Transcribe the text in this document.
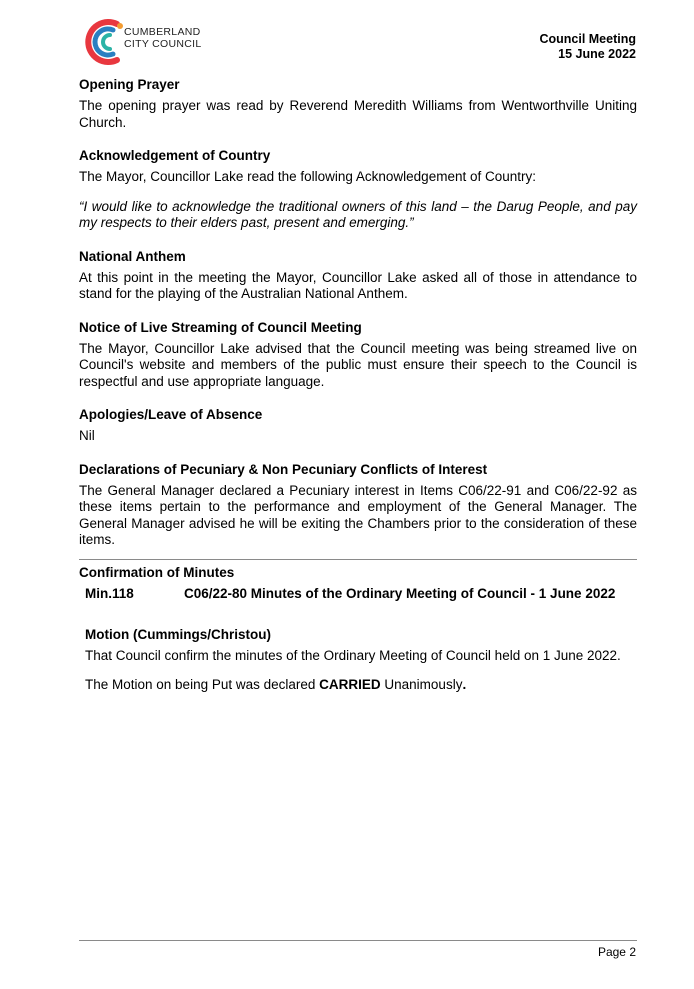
CUMBERLAND
CITY COUNCIL	Council Meeting
15 June 2022

Opening Prayer

The opening prayer was read by Reverend Meredith Williams from Wentworthville Uniting Church.

Acknowledgement of Country

The Mayor, Councillor Lake read the following Acknowledgement of Country:

“I would like to acknowledge the traditional owners of this land – the Darug People, and pay my respects to their elders past, present and emerging.”

National Anthem

At this point in the meeting the Mayor, Councillor Lake asked all of those in attendance to stand for the playing of the Australian National Anthem.

Notice of Live Streaming of Council Meeting

The Mayor, Councillor Lake advised that the Council meeting was being streamed live on Council's website and members of the public must ensure their speech to the Council is respectful and use appropriate language.

Apologies/Leave of Absence

Nil

Declarations of Pecuniary & Non Pecuniary Conflicts of Interest

The General Manager declared a Pecuniary interest in Items C06/22-91 and C06/22-92 as these items pertain to the performance and employment of the General Manager. The General Manager advised he will be exiting the Chambers prior to the consideration of these items.

Confirmation of Minutes

Min.118	C06/22-80 Minutes of the Ordinary Meeting of Council - 1 June 2022

Motion (Cummings/Christou)

That Council confirm the minutes of the Ordinary Meeting of Council held on 1 June 2022.

The Motion on being Put was declared CARRIED Unanimously.

Page 2
